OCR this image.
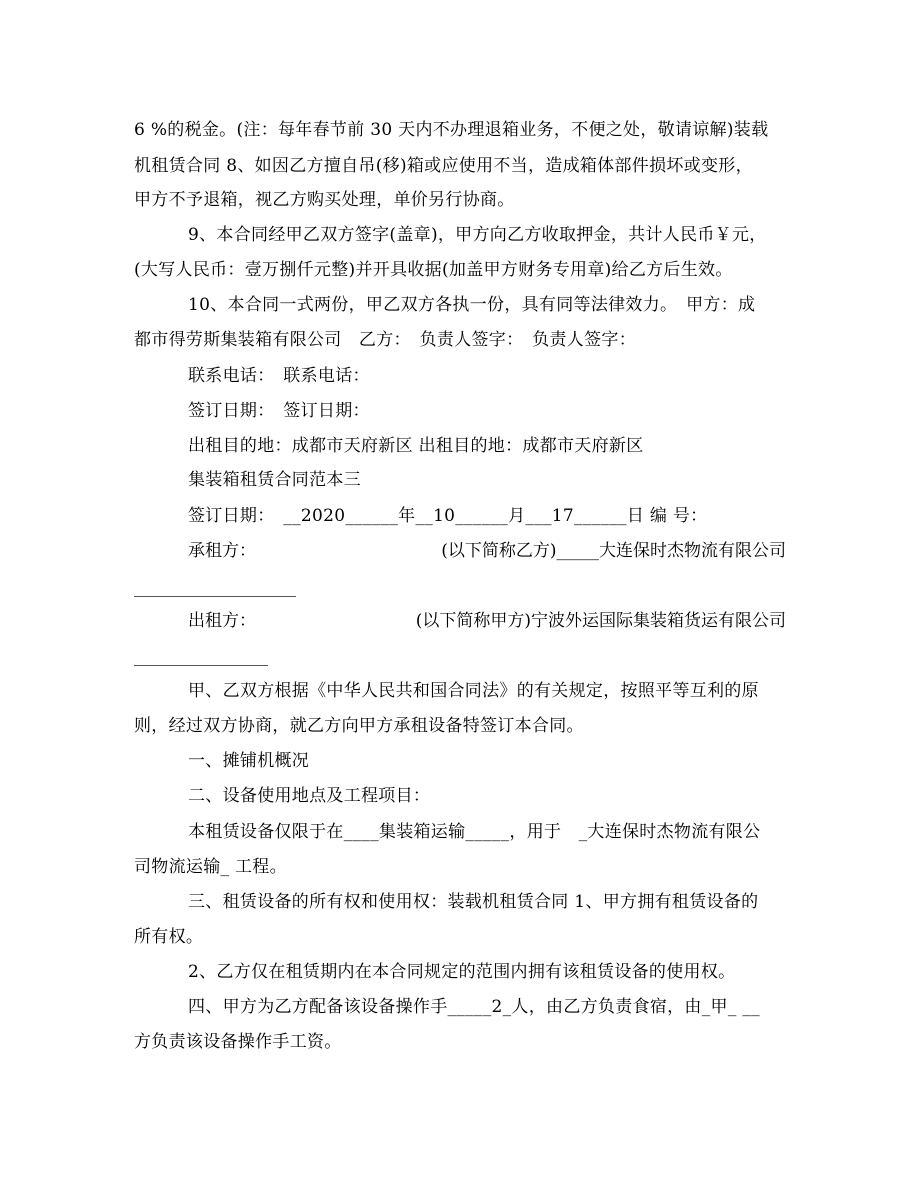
6 %的税金。(注：每年春节前 30 天内不办理退箱业务，不便之处，敬请谅解)装载
机租赁合同 8、如因乙方擅自吊(移)箱或应使用不当，造成箱体部件损坏或变形，
甲方不予退箱，视乙方购买处理，单价另行协商。
9、本合同经甲乙双方签字(盖章)，甲方向乙方收取押金，共计人民币￥元，
(大写人民币：壹万捌仟元整)并开具收据(加盖甲方财务专用章)给乙方后生效。
10、本合同一式两份，甲乙双方各执一份，具有同等法律效力。　甲方：成
都市得劳斯集装箱有限公司　乙方：　负责人签字：　负责人签字：
联系电话：　联系电话：
签订日期：　签订日期：
出租目的地：成都市天府新区 出租目的地：成都市天府新区
集装箱租赁合同范本三
签订日期：　__2020______年__10______月___17______日 编 号：
承租方：	(以下简称乙方)_____大连保时杰物流有限公司
出租方：	(以下简称甲方)宁波外运国际集装箱货运有限公司
甲、乙双方根据《中华人民共和国合同法》的有关规定，按照平等互利的原
则，经过双方协商，就乙方向甲方承租设备特签订本合同。
一、摊铺机概况
二、设备使用地点及工程项目：
本租赁设备仅限于在____集装箱运输_____，用于　_大连保时杰物流有限公
司物流运输_ 工程。
三、租赁设备的所有权和使用权：装载机租赁合同 1、甲方拥有租赁设备的
所有权。
2、乙方仅在租赁期内在本合同规定的范围内拥有该租赁设备的使用权。
四、甲方为乙方配备该设备操作手_____2_人，由乙方负责食宿，由_甲_ __
方负责该设备操作手工资。
